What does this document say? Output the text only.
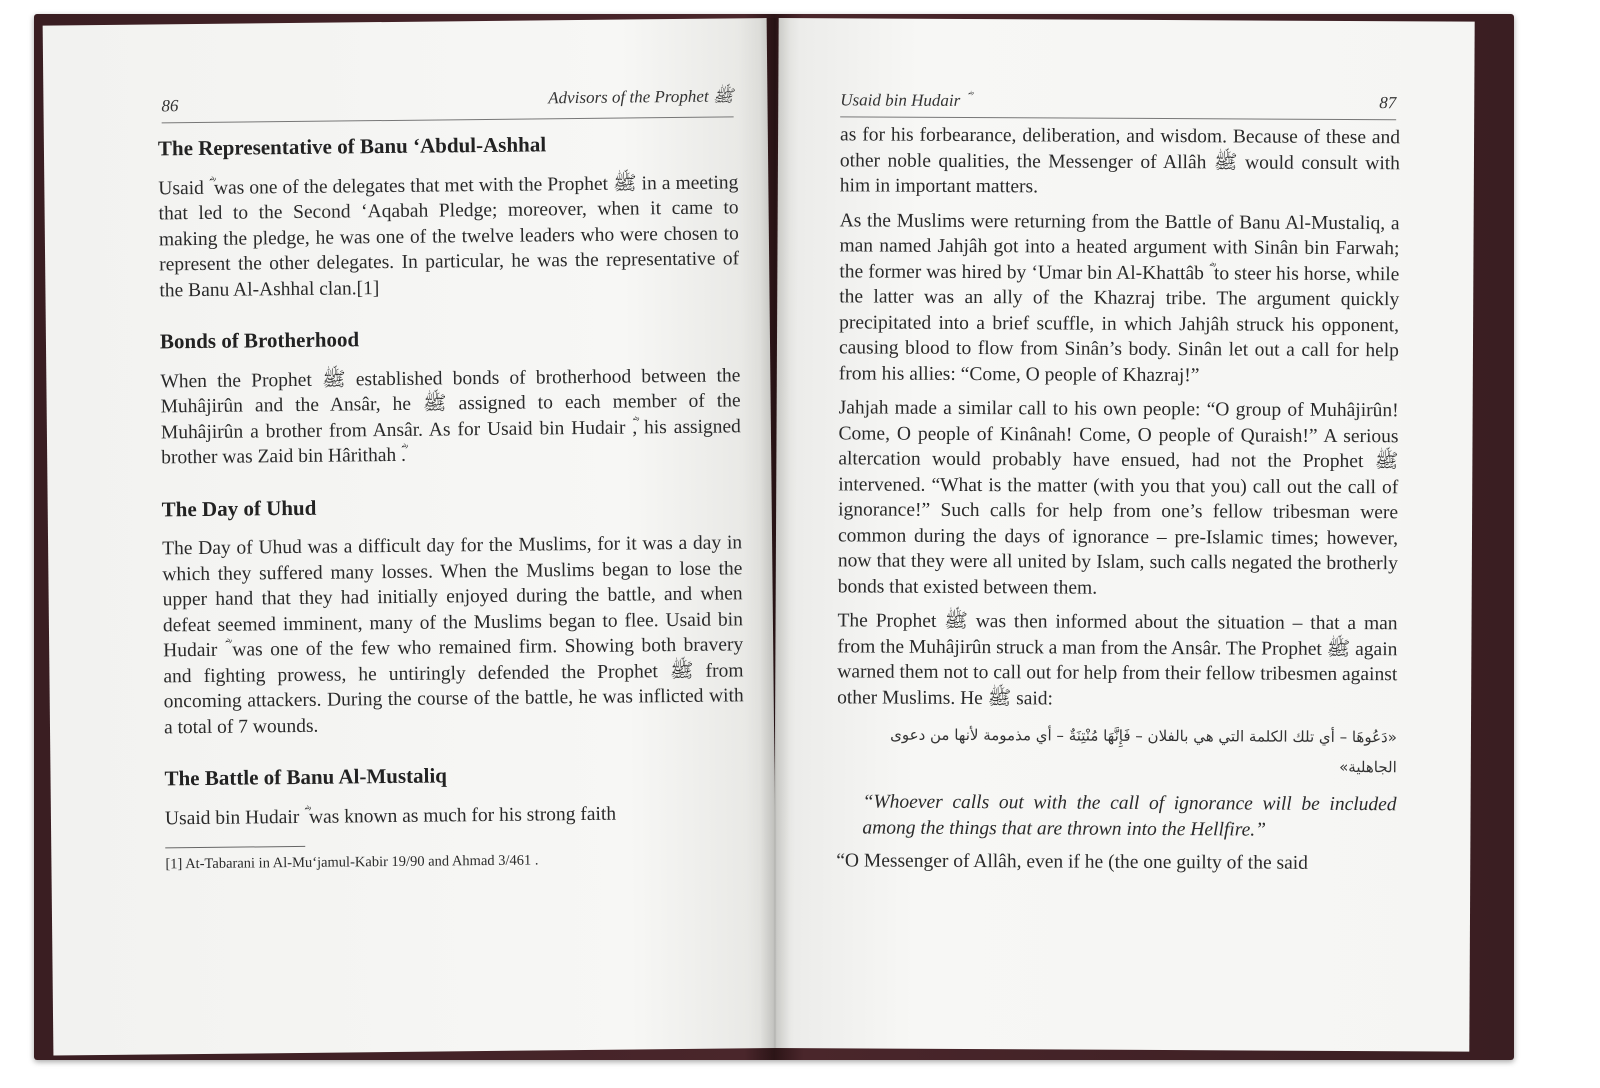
86	Advisors of the Prophet ﷺ
The Representative of Banu ‘Abdul-Ashhal

Usaid ؓ was one of the delegates that met with the Prophet ﷺ in a meeting that led to the Second ‘Aqabah Pledge; moreover, when it came to making the pledge, he was one of the twelve leaders who were chosen to represent the other delegates. In particular, he was the representative of the Banu Al-Ashhal clan.[1]

Bonds of Brotherhood

When the Prophet ﷺ established bonds of brotherhood between the Muhâjirûn and the Ansâr, he ﷺ assigned to each member of the Muhâjirûn a brother from Ansâr. As for Usaid bin Hudair ؓ, his assigned brother was Zaid bin Hârithah ؓ.

The Day of Uhud

The Day of Uhud was a difficult day for the Muslims, for it was a day in which they suffered many losses. When the Muslims began to lose the upper hand that they had initially enjoyed during the battle, and when defeat seemed imminent, many of the Muslims began to flee. Usaid bin Hudair ؓ was one of the few who remained firm. Showing both bravery and fighting prowess, he untiringly defended the Prophet ﷺ from oncoming attackers. During the course of the battle, he was inflicted with a total of 7 wounds.

The Battle of Banu Al-Mustaliq

Usaid bin Hudair ؓ was known as much for his strong faith

[1] At-Tabarani in Al-Mu‘jamul-Kabir 19/90 and Ahmad 3/461 .
Usaid bin Hudair ؓ	87

as for his forbearance, deliberation, and wisdom. Because of these and other noble qualities, the Messenger of Allâh ﷺ would consult with him in important matters.

As the Muslims were returning from the Battle of Banu Al-Mustaliq, a man named Jahjâh got into a heated argument with Sinân bin Farwah; the former was hired by ‘Umar bin Al-Khattâb ؓ to steer his horse, while the latter was an ally of the Khazraj tribe. The argument quickly precipitated into a brief scuffle, in which Jahjâh struck his opponent, causing blood to flow from Sinân’s body. Sinân let out a call for help from his allies: “Come, O people of Khazraj!”

Jahjah made a similar call to his own people: “O group of Muhâjirûn! Come, O people of Kinânah! Come, O people of Quraish!” A serious altercation would probably have ensued, had not the Prophet ﷺ intervened. “What is the matter (with you that you) call out the call of ignorance!” Such calls for help from one’s fellow tribesman were common during the days of ignorance – pre-Islamic times; however, now that they were all united by Islam, such calls negated the brotherly bonds that existed between them.

The Prophet ﷺ was then informed about the situation – that a man from the Muhâjirûn struck a man from the Ansâr. The Prophet ﷺ again warned them not to call out for help from their fellow tribesmen against other Muslims. He ﷺ said:

«دَعُوهَا – أي تلك الكلمة التي هي بالفلان – فَإِنَّهَا مُنْتِنَةٌ – أي مذمومة لأنها من دعوى الجاهلية»

“Whoever calls out with the call of ignorance will be included among the things that are thrown into the Hellfire.”

“O Messenger of Allâh, even if he (the one guilty of the said
